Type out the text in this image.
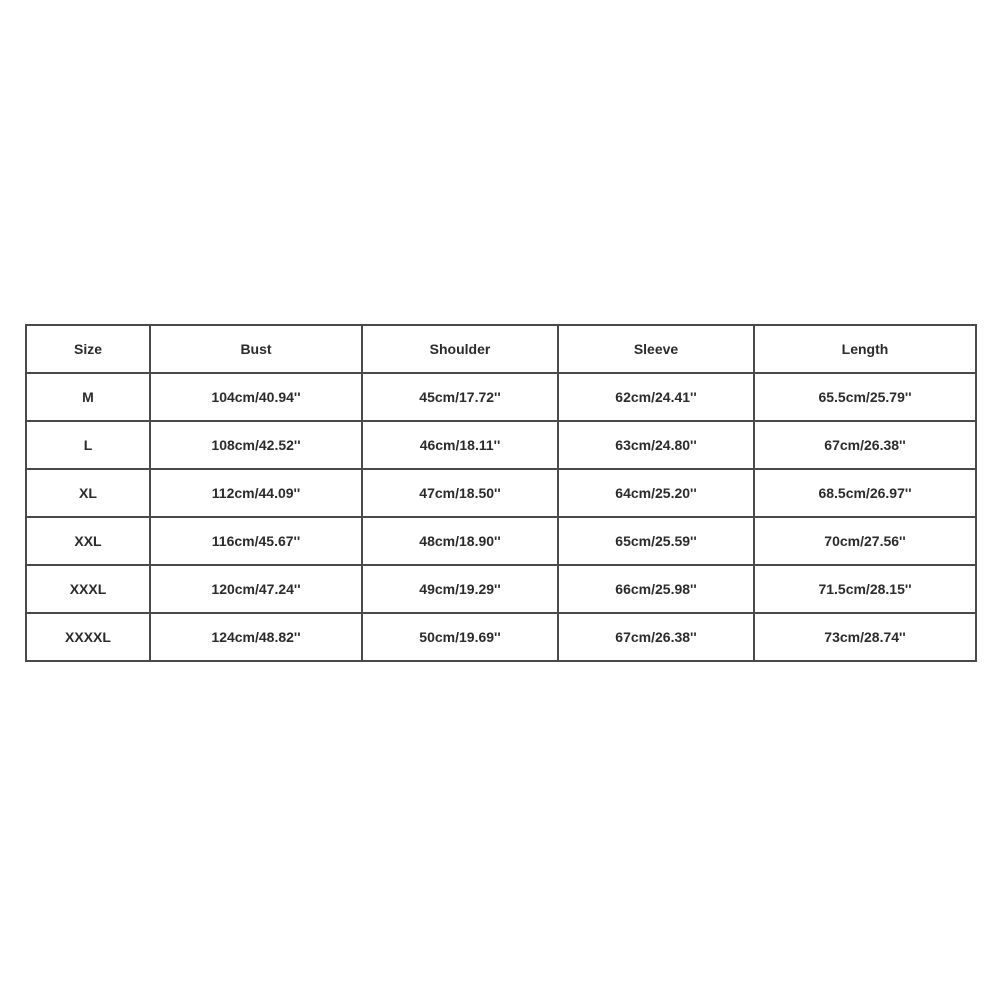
Size	Bust	Shoulder	Sleeve	Length
M	104cm/40.94''	45cm/17.72''	62cm/24.41''	65.5cm/25.79''
L	108cm/42.52''	46cm/18.11''	63cm/24.80''	67cm/26.38''
XL	112cm/44.09''	47cm/18.50''	64cm/25.20''	68.5cm/26.97''
XXL	116cm/45.67''	48cm/18.90''	65cm/25.59''	70cm/27.56''
XXXL	120cm/47.24''	49cm/19.29''	66cm/25.98''	71.5cm/28.15''
XXXXL	124cm/48.82''	50cm/19.69''	67cm/26.38''	73cm/28.74''
